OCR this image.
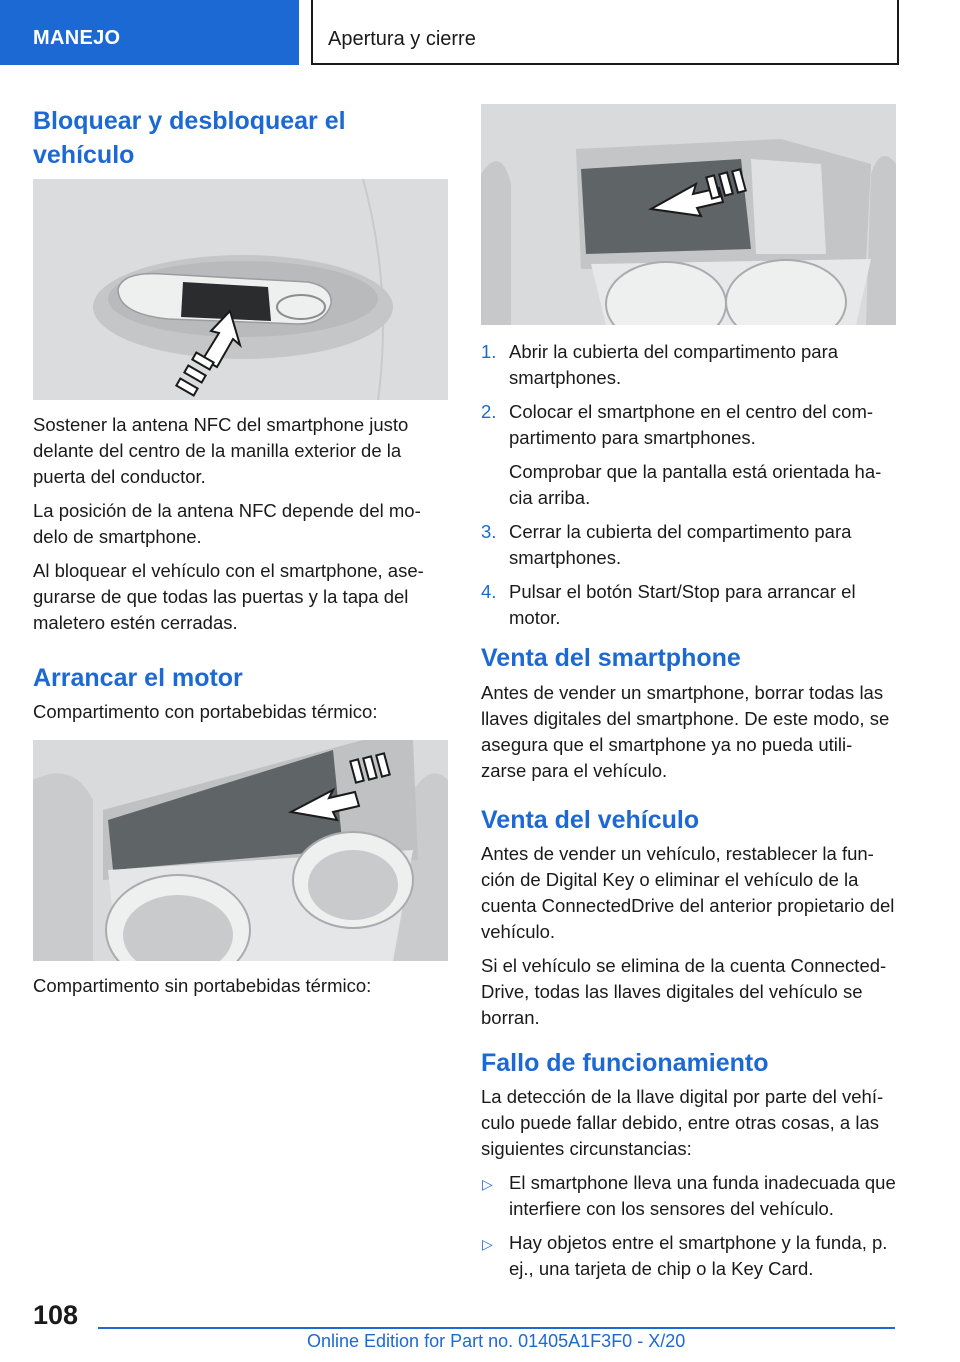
MANEJO	Apertura y cierre
Bloquear y desbloquear el vehículo

Sostener la antena NFC del smartphone justo delante del centro de la manilla exterior de la puerta del conductor.

La posición de la antena NFC depende del mo‐delo de smartphone.

Al bloquear el vehículo con el smartphone, ase‐gurarse de que todas las puertas y la tapa del maletero estén cerradas.

Arrancar el motor

Compartimento con portabebidas térmico:

Compartimento sin portabebidas térmico:

1. Abrir la cubierta del compartimento para smartphones.
2. Colocar el smartphone en el centro del com‐partimento para smartphones.
Comprobar que la pantalla está orientada ha‐cia arriba.
3. Cerrar la cubierta del compartimento para smartphones.
4. Pulsar el botón Start/Stop para arrancar el motor.
Venta del smartphone

Antes de vender un smartphone, borrar todas las llaves digitales del smartphone. De este modo, se asegura que el smartphone ya no pueda utili‐zarse para el vehículo.

Venta del vehículo

Antes de vender un vehículo, restablecer la fun‐ción de Digital Key o eliminar el vehículo de la cuenta ConnectedDrive del anterior propietario del vehículo.

Si el vehículo se elimina de la cuenta Connected‐Drive, todas las llaves digitales del vehículo se borran.

Fallo de funcionamiento

La detección de la llave digital por parte del vehí‐culo puede fallar debido, entre otras cosas, a las siguientes circunstancias:

▷ El smartphone lleva una funda inadecuada que interfiere con los sensores del vehículo.
▷ Hay objetos entre el smartphone y la funda, p. ej., una tarjeta de chip o la Key Card.
108
Online Edition for Part no. 01405A1F3F0 - X/20
